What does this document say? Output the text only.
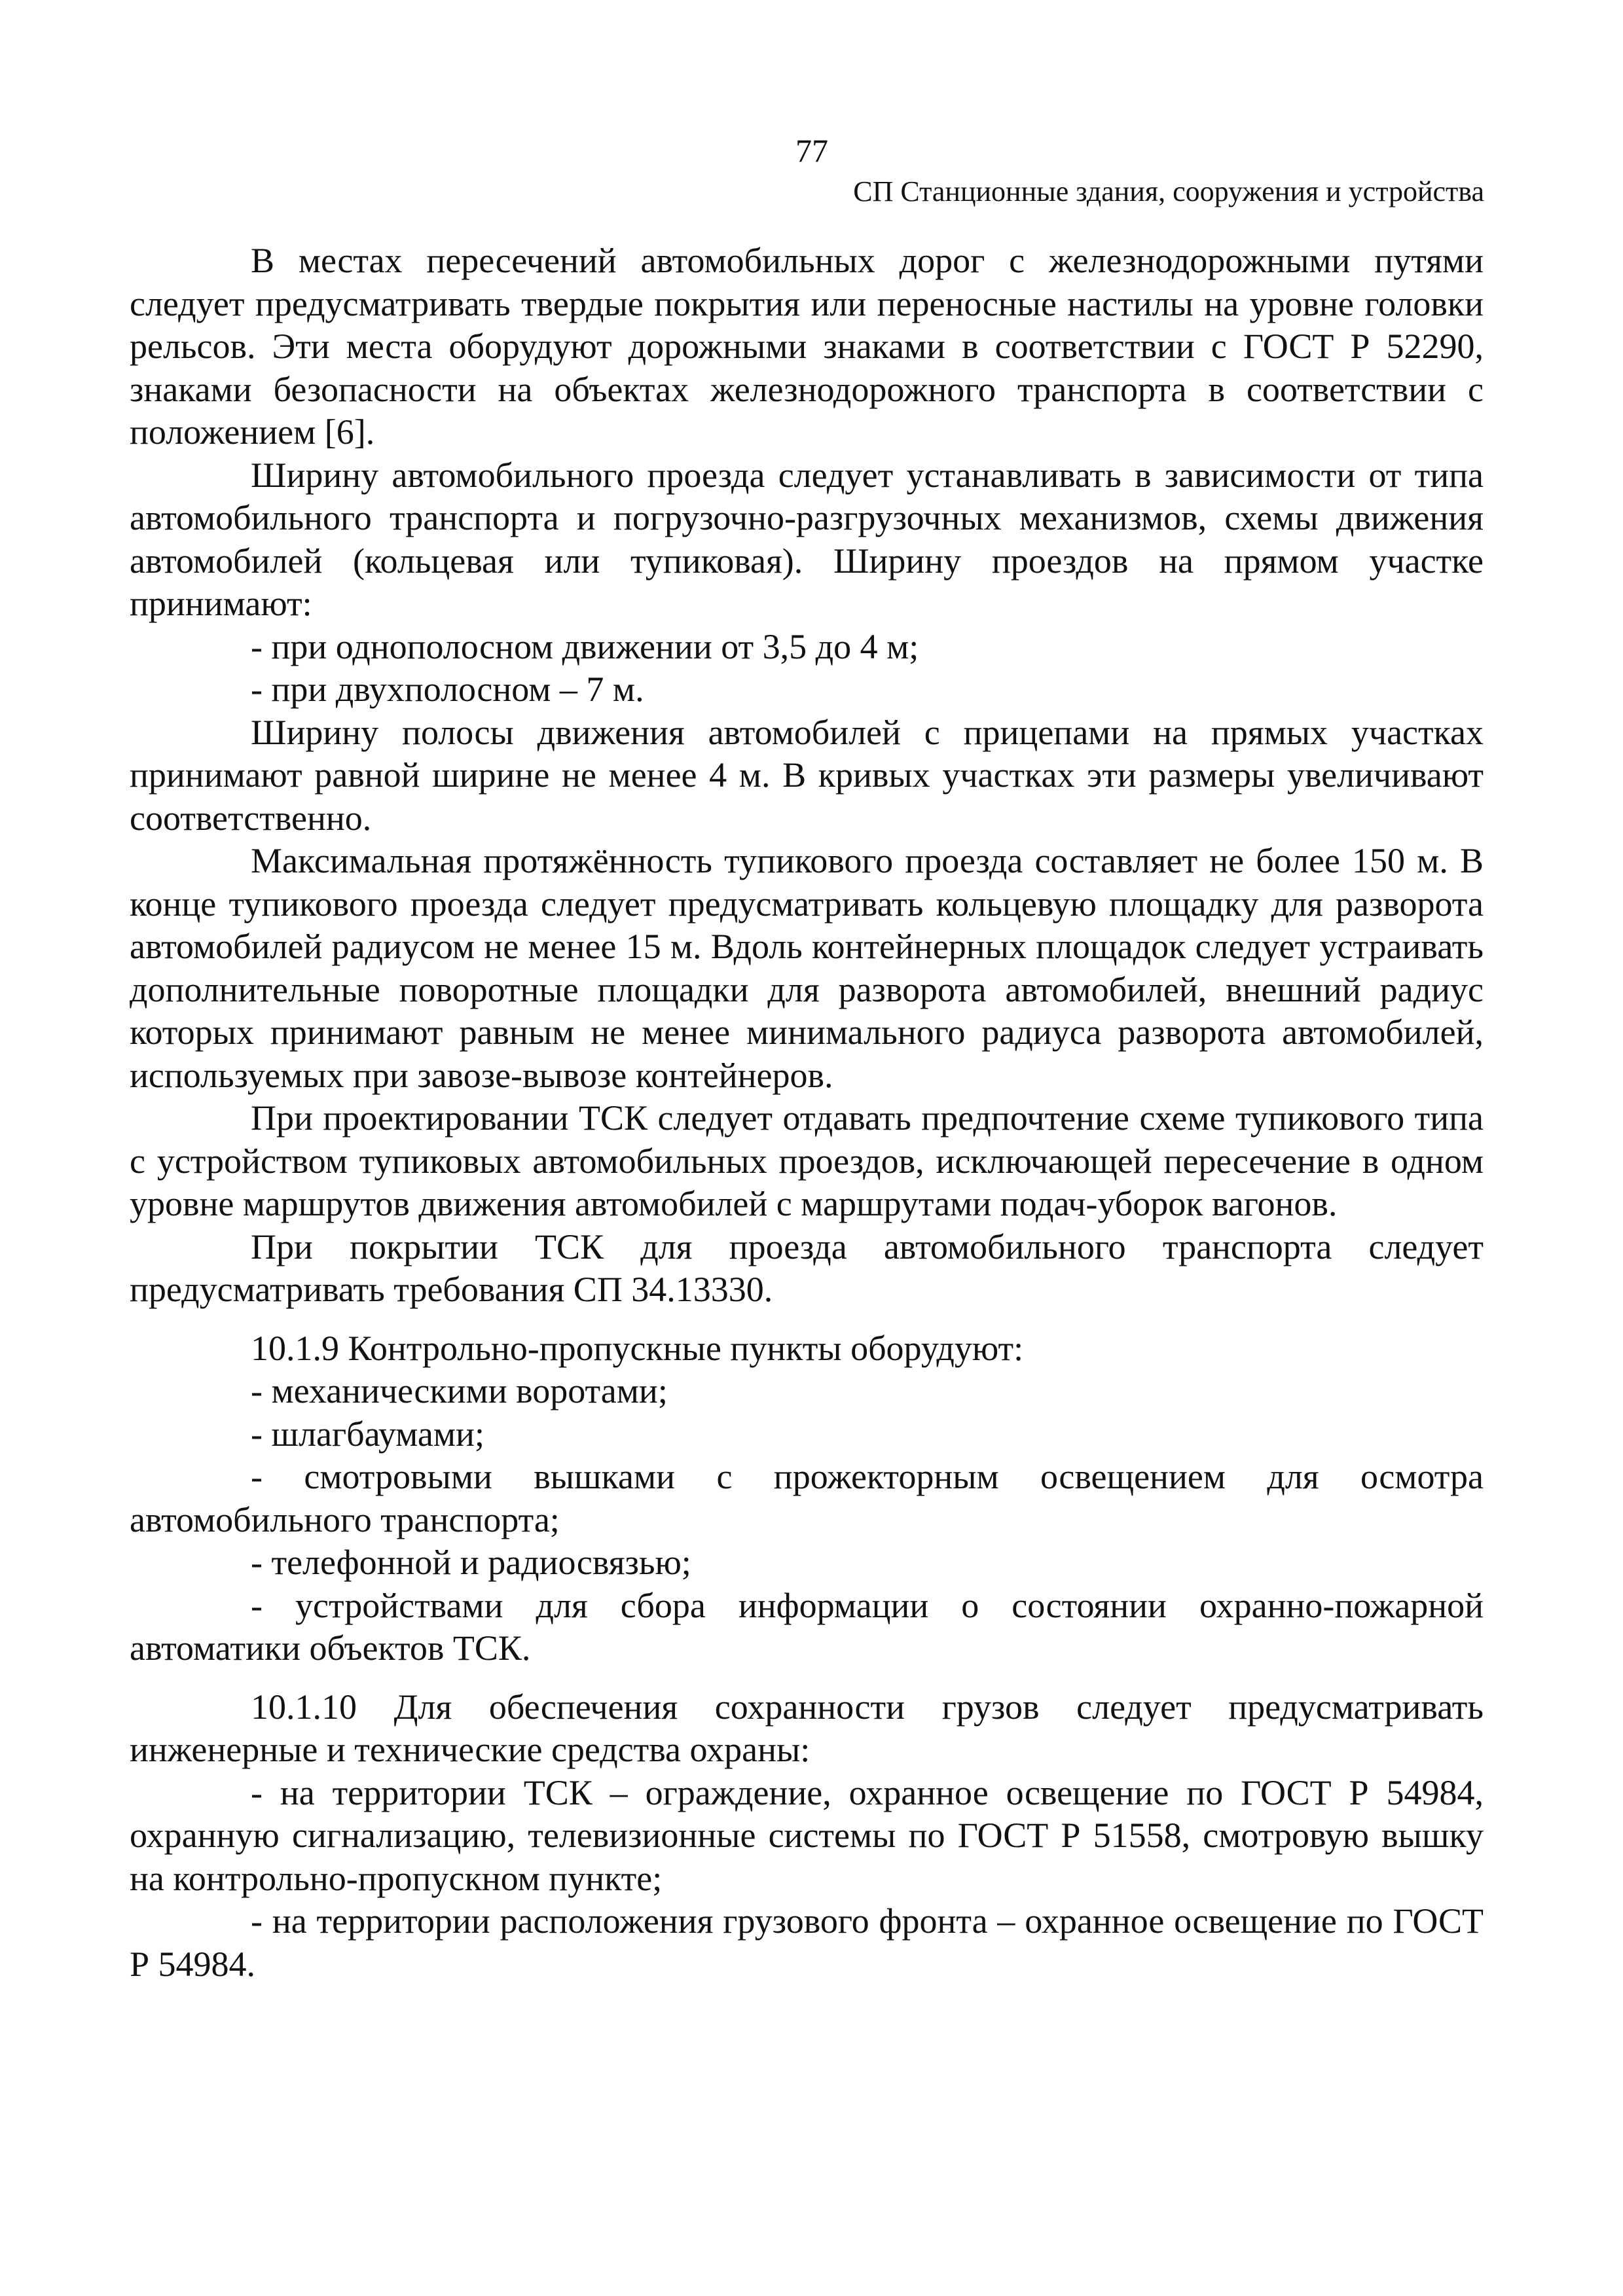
77
СП Станционные здания, сооружения и устройства

В местах пересечений автомобильных дорог с железнодорожными путями следует предусматривать твердые покрытия или переносные настилы на уровне головки рельсов. Эти места оборудуют дорожными знаками в соответствии с ГОСТ Р 52290, знаками безопасности на объектах железнодорожного транспорта в соответствии с положением [6].

Ширину автомобильного проезда следует устанавливать в зависимости от типа автомобильного транспорта и погрузочно-разгрузочных механизмов, схемы движения автомобилей (кольцевая или тупиковая). Ширину проездов на прямом участке принимают:

- при однополосном движении от 3,5 до 4 м;

- при двухполосном – 7 м.

Ширину полосы движения автомобилей с прицепами на прямых участках принимают равной ширине не менее 4 м. В кривых участках эти размеры увеличивают соответственно.

Максимальная протяжённость тупикового проезда составляет не более 150 м. В конце тупикового проезда следует предусматривать кольцевую площадку для разворота автомобилей радиусом не менее 15 м. Вдоль контейнерных площадок следует устраивать дополнительные поворотные площадки для разворота автомобилей, внешний радиус которых принимают равным не менее минимального радиуса разворота автомобилей, используемых при завозе-вывозе контейнеров.

При проектировании ТСК следует отдавать предпочтение схеме тупикового типа с устройством тупиковых автомобильных проездов, исключающей пересечение в одном уровне маршрутов движения автомобилей с маршрутами подач-уборок вагонов.

При покрытии ТСК для проезда автомобильного транспорта следует предусматривать требования СП 34.13330.

10.1.9 Контрольно-пропускные пункты оборудуют:

- механическими воротами;

- шлагбаумами;

- смотровыми вышками с прожекторным освещением для осмотра автомобильного транспорта;

- телефонной и радиосвязью;

- устройствами для сбора информации о состоянии охранно-пожарной автоматики объектов ТСК.

10.1.10 Для обеспечения сохранности грузов следует предусматривать инженерные и технические средства охраны:

- на территории ТСК – ограждение, охранное освещение по ГОСТ Р 54984, охранную сигнализацию, телевизионные системы по ГОСТ Р 51558, смотровую вышку на контрольно-пропускном пункте;

- на территории расположения грузового фронта – охранное освещение по ГОСТ Р 54984.
